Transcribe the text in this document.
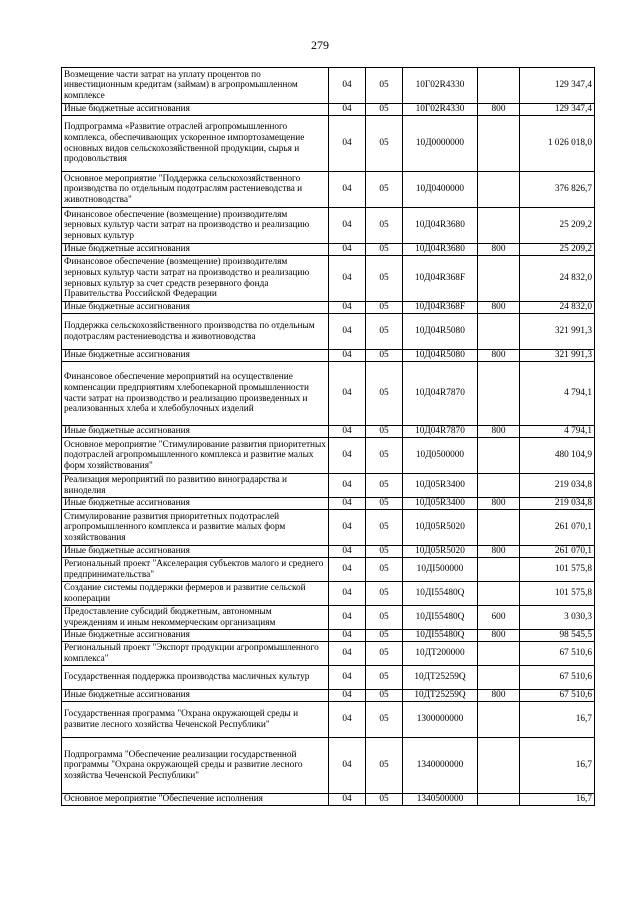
279
Возмещение части затрат на уплату процентов по инвестиционным кредитам (займам) в агропромышленном комплексе	04	05	10Г02R4330		129 347,4
Иные бюджетные ассигнования	04	05	10Г02R4330	800	129 347,4
Подпрограмма «Развитие отраслей агропромышленного комплекса, обеспечивающих ускоренное импортозамещение основных видов сельскохозяйственной продукции, сырья и продовольствия	04	05	10Д0000000		1 026 018,0
Основное мероприятие "Поддержка сельскохозяйственного производства по отдельным подотраслям растениеводства и животноводства"	04	05	10Д0400000		376 826,7
Финансовое обеспечение (возмещение) производителям зерновых культур части затрат на производство и реализацию зерновых культур	04	05	10Д04R3680		25 209,2
Иные бюджетные ассигнования	04	05	10Д04R3680	800	25 209,2
Финансовое обеспечение (возмещение) производителям зерновых культур части затрат на производство и реализацию зерновых культур за счет средств резервного фонда Правительства Российской Федерации	04	05	10Д04R368F		24 832,0
Иные бюджетные ассигнования	04	05	10Д04R368F	800	24 832,0
Поддержка сельскохозяйственного производства по отдельным подотраслям растениеводства и животноводства	04	05	10Д04R5080		321 991,3
Иные бюджетные ассигнования	04	05	10Д04R5080	800	321 991,3
Финансовое обеспечение мероприятий на осуществление компенсации предприятиям хлебопекарной промышленности части затрат на производство и реализацию произведенных и реализованных хлеба и хлебобулочных изделий	04	05	10Д04R7870		4 794,1
Иные бюджетные ассигнования	04	05	10Д04R7870	800	4 794,1
Основное мероприятие "Стимулирование развития приоритетных подотраслей агропромышленного комплекса и развитие малых форм хозяйствования"	04	05	10Д0500000		480 104,9
Реализация мероприятий по развитию виноградарства и виноделия	04	05	10Д05R3400		219 034,8
Иные бюджетные ассигнования	04	05	10Д05R3400	800	219 034,8
Стимулирование развития приоритетных подотраслей агропромышленного комплекса и развитие малых форм хозяйствования	04	05	10Д05R5020		261 070,1
Иные бюджетные ассигнования	04	05	10Д05R5020	800	261 070,1
Региональный проект "Акселерация субъектов малого и среднего предпринимательства"	04	05	10ДI500000		101 575,8
Создание системы поддержки фермеров и развитие сельской кооперации	04	05	10ДI55480Q		101 575,8
Предоставление субсидий бюджетным, автономным учреждениям и иным некоммерческим организациям	04	05	10ДI55480Q	600	3 030,3
Иные бюджетные ассигнования	04	05	10ДI55480Q	800	98 545,5
Региональный проект "Экспорт продукции агропромышленного комплекса"	04	05	10ДТ200000		67 510,6
Государственная поддержка производства масличных культур	04	05	10ДТ25259Q		67 510,6
Иные бюджетные ассигнования	04	05	10ДТ25259Q	800	67 510,6
Государственная программа "Охрана окружающей среды и развитие лесного хозяйства Чеченской Республики"	04	05	1300000000		16,7
Подпрограмма "Обеспечение реализации государственной программы "Охрана окружающей среды и развитие лесного хозяйства Чеченской Республики"	04	05	1340000000		16,7
Основное мероприятие "Обеспечение исполнения	04	05	1340500000		16,7
